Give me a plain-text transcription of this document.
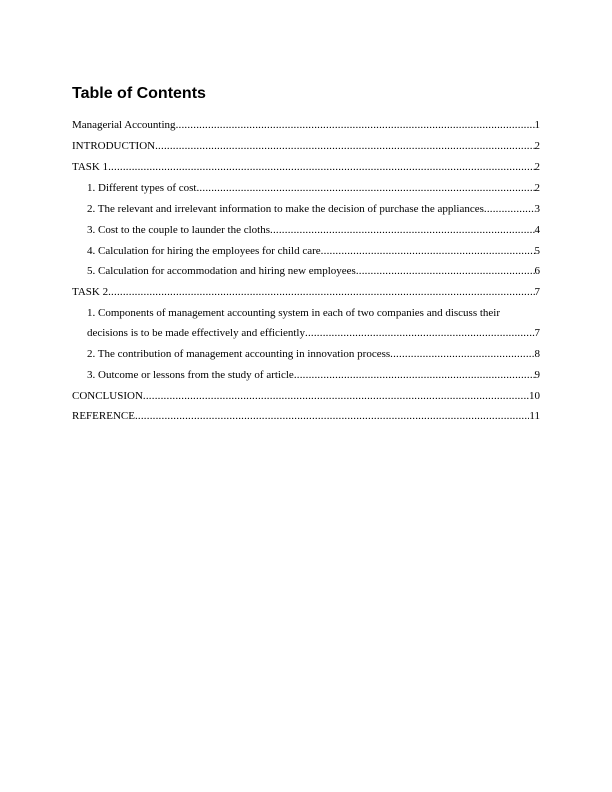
Table of Contents
Managerial Accounting .....	1
INTRODUCTION .....	2
TASK 1 .....	2
1. Different types of cost .....	2
2. The relevant and irrelevant information to make the decision of purchase the appliances .....	3
3. Cost to the couple to launder the cloths .....	4
4. Calculation for hiring the employees for child care .....	5
5. Calculation for accommodation and hiring new employees .....	6
TASK 2 .....	7
1. Components of management accounting system in each of two companies and discuss their
decisions is to be made effectively and efficiently .....	7
2. The contribution of management accounting in innovation process .....	8
3. Outcome or lessons from the study of article .....	9
CONCLUSION .....	10
REFERENCE .....	11
